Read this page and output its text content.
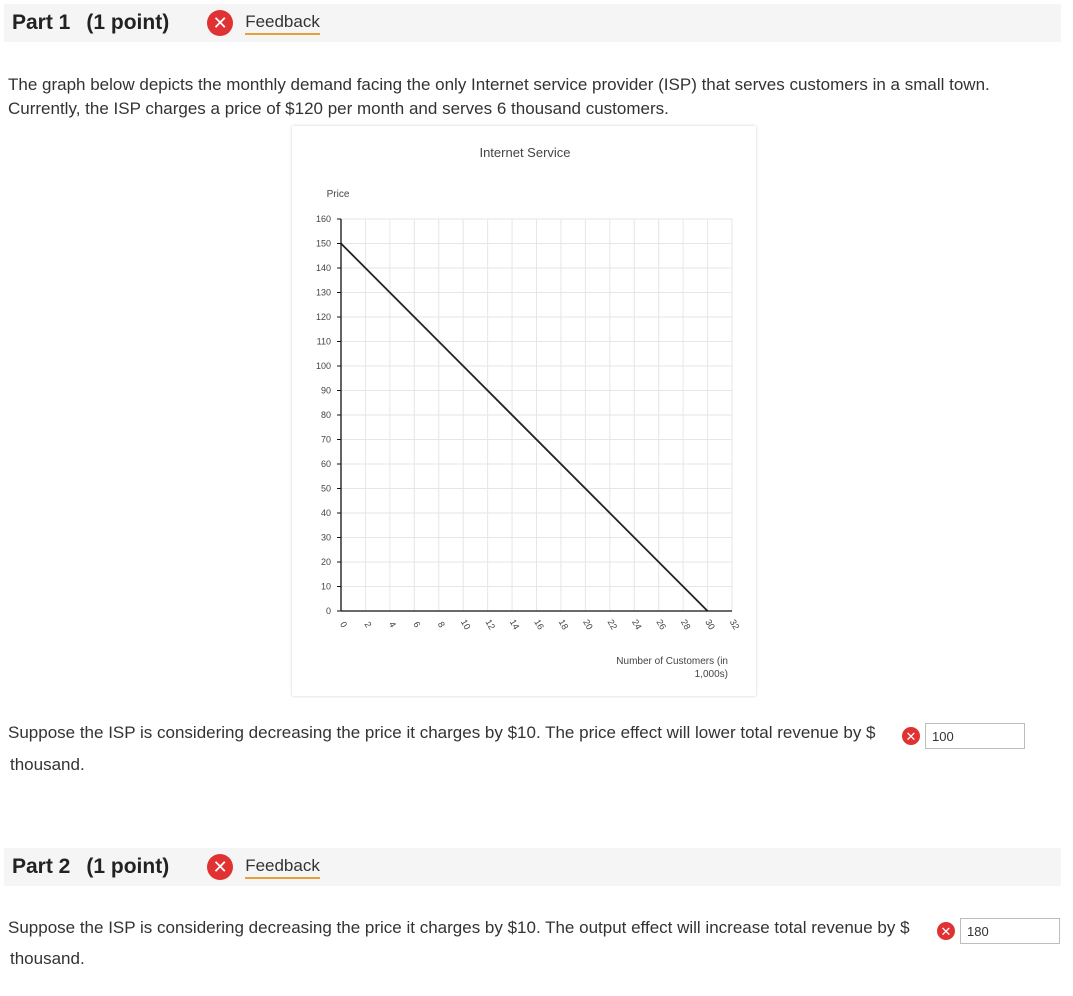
Part 1 (1 point)	✕	Feedback
The graph below depicts the monthly demand facing the only Internet service provider (ISP) that serves customers in a small town.
Currently, the ISP charges a price of $120 per month and serves 6 thousand customers.
Internet Service
Price
0
10
20
30
40
50
60
70
80
90
100
110
120
130
140
150
160
0 2 4 6 8 10 12 14 16 18 20 22 24 26 28 30 32
Number of Customers (in
1,000s)
Suppose the ISP is considering decreasing the price it charges by $10. The price effect will lower total revenue by $ ✕
100
thousand.
Part 2 (1 point)	✕	Feedback
Suppose the ISP is considering decreasing the price it charges by $10. The output effect will increase total revenue by $ ✕
180
thousand.
